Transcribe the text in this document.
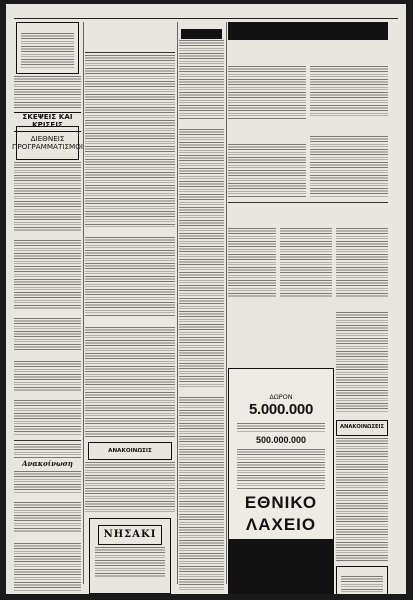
ΣΚΕΨΕΙΣ ΚΑΙ ΚΡΙΣΕΙΣ
ΔΙΕΘΝΕΙΣ ΠΡΟΓΡΑΜΜΑΤΙΣΜΟΙ
Ανακοίνωση
ΑΝΑΚΟΙΝΩΣΙΣ
ΝΗΣΑΚΙ
ΔΩΡΟΝ
5.000.000
500.000.000
ΕΘΝΙΚΟ
ΛΑΧΕΙΟ
ΑΝΑΚΟΙΝΩΣΕΙΣ
